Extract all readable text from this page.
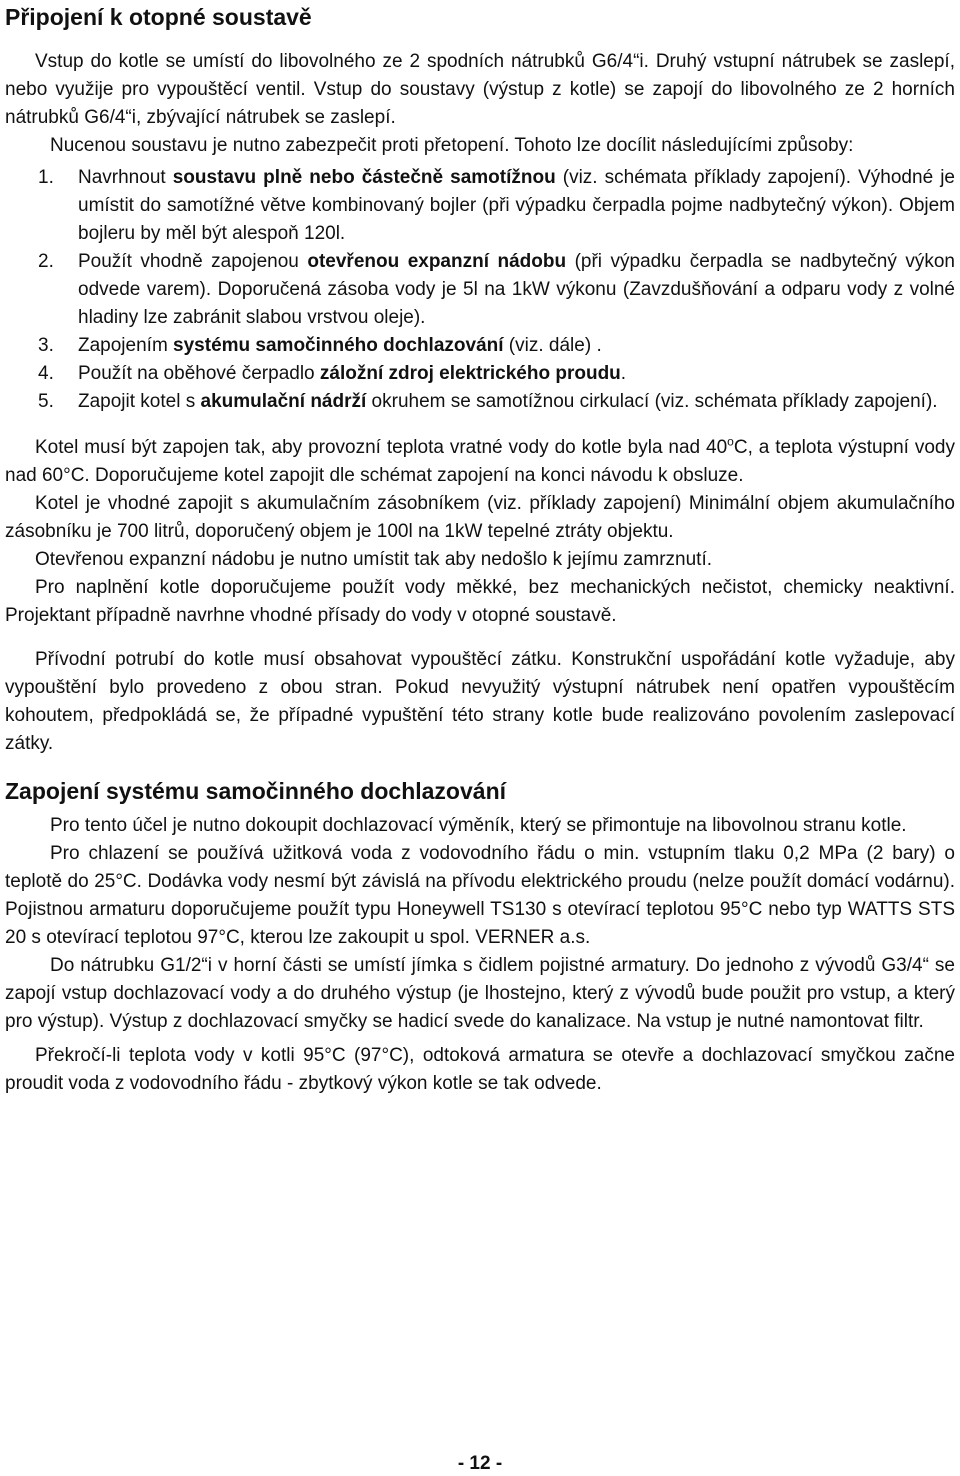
Připojení k otopné soustavě

Vstup do kotle se umístí do libovolného ze 2 spodních nátrubků G6/4“i. Druhý vstupní nátrubek se zaslepí, nebo využije pro vypouštěcí ventil. Vstup do soustavy (výstup z kotle) se zapojí do libovolného ze 2 horních nátrubků G6/4“i, zbývající nátrubek se zaslepí.

Nucenou soustavu je nutno zabezpečit proti přetopení. Tohoto lze docílit následujícími způsoby:

1. Navrhnout soustavu plně nebo částečně samotížnou (viz. schémata příklady zapojení). Výhodné je umístit do samotížné větve kombinovaný bojler (při výpadku čerpadla pojme nadbytečný výkon). Objem bojleru by měl být alespoň 120l.
2. Použít vhodně zapojenou otevřenou expanzní nádobu (při výpadku čerpadla se nadbytečný výkon odvede varem). Doporučená zásoba vody je 5l na 1kW výkonu (Zavzdušňování a odparu vody z volné hladiny lze zabránit slabou vrstvou oleje).
3. Zapojením systému samočinného dochlazování (viz. dále) .
4. Použít na oběhové čerpadlo záložní zdroj elektrického proudu.
5. Zapojit kotel s akumulační nádrží okruhem se samotížnou cirkulací (viz. schémata příklady zapojení).

Kotel musí být zapojen tak, aby provozní teplota vratné vody do kotle byla nad 40$^o$C, a teplota výstupní vody nad 60°C. Doporučujeme kotel zapojit dle schémat zapojení na konci návodu k obsluze.

Kotel je vhodné zapojit s akumulačním zásobníkem (viz. příklady zapojení) Minimální objem akumulačního zásobníku je 700 litrů, doporučený objem je 100l na 1kW tepelné ztráty objektu.

Otevřenou expanzní nádobu je nutno umístit tak aby nedošlo k jejímu zamrznutí.

Pro naplnění kotle doporučujeme použít vody měkké, bez mechanických nečistot, chemicky neaktivní. Projektant případně navrhne vhodné přísady do vody v otopné soustavě.

Přívodní potrubí do kotle musí obsahovat vypouštěcí zátku. Konstrukční uspořádání kotle vyžaduje, aby vypouštění bylo provedeno z obou stran. Pokud nevyužitý výstupní nátrubek není opatřen vypouštěcím kohoutem, předpokládá se, že případné vypuštění této strany kotle bude realizováno povolením zaslepovací zátky.

Zapojení systému samočinného dochlazování

Pro tento účel je nutno dokoupit dochlazovací výměník, který se přimontuje na libovolnou stranu kotle.

Pro chlazení se používá užitková voda z vodovodního řádu o min. vstupním tlaku 0,2 MPa (2 bary) o teplotě do 25°C. Dodávka vody nesmí být závislá na přívodu elektrického proudu (nelze použít domácí vodárnu). Pojistnou armaturu doporučujeme použít typu Honeywell TS130 s otevírací teplotou 95°C nebo typ WATTS STS 20 s otevírací teplotou 97°C, kterou lze zakoupit u spol. VERNER a.s.

Do nátrubku G1/2“i v horní části se umístí jímka s čidlem pojistné armatury. Do jednoho z vývodů G3/4“ se zapojí vstup dochlazovací vody a do druhého výstup (je lhostejno, který z vývodů bude použit pro vstup, a který pro výstup). Výstup z dochlazovací smyčky se hadicí svede do kanalizace. Na vstup je nutné namontovat filtr.

Překročí-li teplota vody v kotli 95°C (97°C), odtoková armatura se otevře a dochlazovací smyčkou začne proudit voda z vodovodního řádu - zbytkový výkon kotle se tak odvede.

- 12 -
